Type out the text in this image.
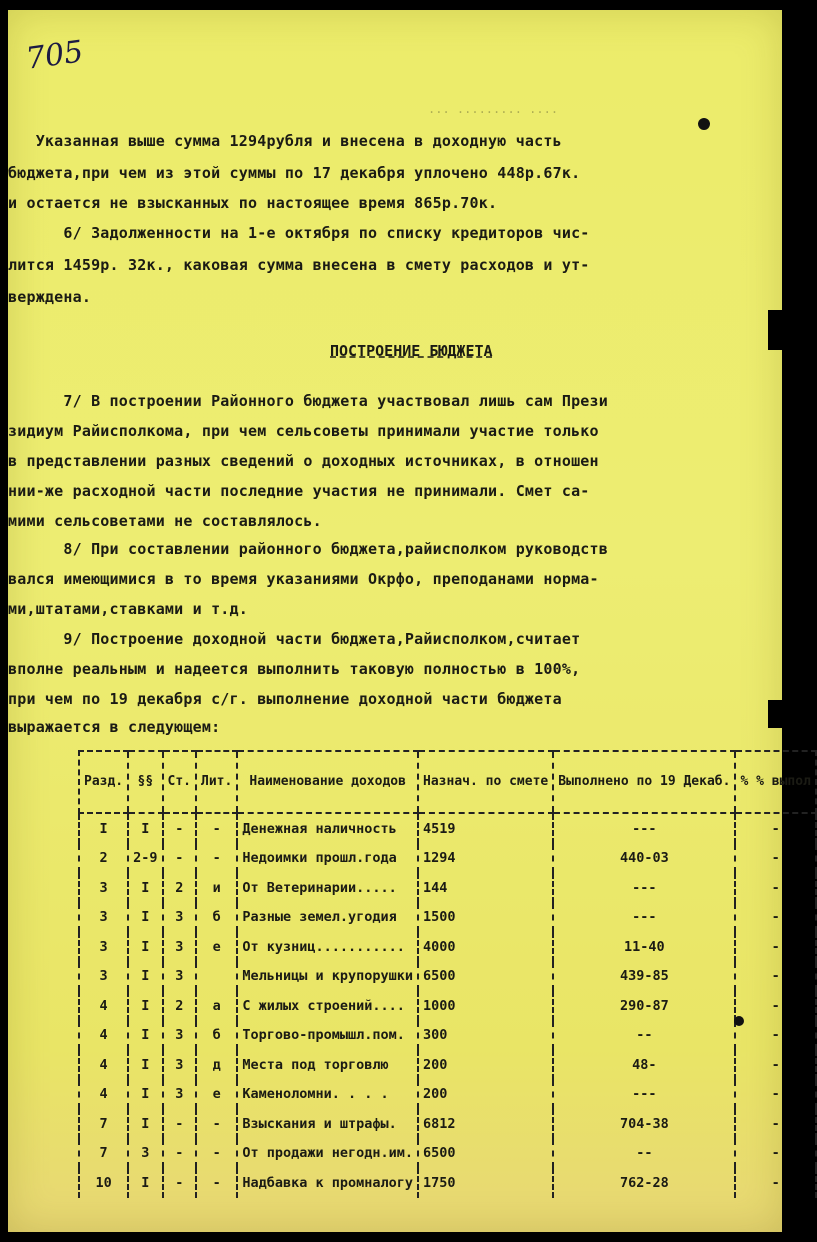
705
... ......... ....
Указанная выше сумма 1294рубля и внесена в доходную часть
бюджета,при чем из этой суммы по 17 декабря уплочено 448р.67к.
и остается не взысканных по настоящее время 865р.70к.
6/ Задолженности на 1-е октября по списку кредиторов чис-
лится 1459р. 32к., каковая сумма внесена в смету расходов и ут-
верждена.
ПОСТРОЕНИЕ БЮДЖЕТА
7/ В построении Районного бюджета участвовал лишь сам Прези
зидиум Райисполкома, при чем сельсоветы принимали участие только
в представлении разных сведений о доходных источниках, в отношен
нии-же расходной части последние участия не принимали. Смет са-
мими сельсоветами не составлялось.
8/ При составлении районного бюджета,райисполком руководств
вался имеющимися в то время указаниями Окрфо, преподанами норма-
ми,штатами,ставками и т.д.
9/ Построение доходной части бюджета,Райисполком,считает
вполне реальным и надеется выполнить таковую полностью в 100%,
при чем по 19 декабря с/г. выполнение доходной части бюджета
выражается в следующем:
Разд.	§§	Ст.	Лит.	Наименование доходов	Назнач. по смете	Выполнено по 19 Декаб.	% % выпол
I	I	-	-	Денежная наличность	4519	---	-
2	2-9	-	-	Недоимки прошл.года	1294	440-03	-
3	I	2	и	От Ветеринарии.....	144	---	-
3	I	3	б	Разные земел.угодия	1500	---	-
3	I	3	е	От кузниц...........	4000	11-40	-
3	I	3		Мельницы и крупорушки	6500	439-85	-
4	I	2	а	С жилых строений....	1000	290-87	-
4	I	3	б	Торгово-промышл.пом.	300	--	-
4	I	3	д	Места под торговлю	200	48-	-
4	I	3	е	Каменоломни. . . .	200	---	-
7	I	-	-	Взыскания и штрафы.	6812	704-38	-
7	3	-	-	От продажи негодн.им.	6500	--	-
10	I	-	-	Надбавка к промналогу	1750	762-28	-
